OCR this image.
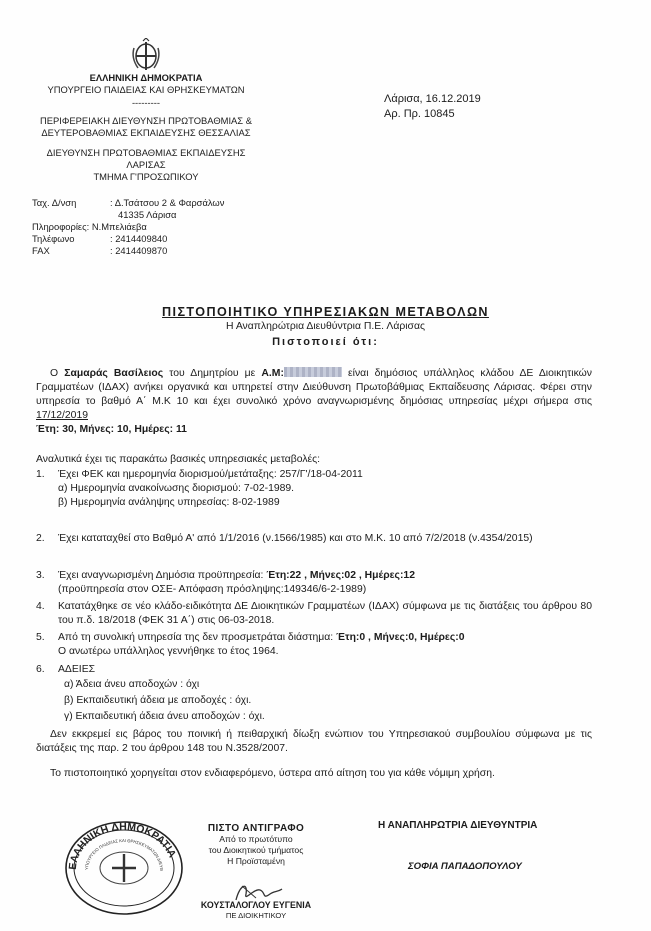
ΕΛΛΗΝΙΚΗ ΔΗΜΟΚΡΑΤΙΑ
ΥΠΟΥΡΓΕΙΟ ΠΑΙΔΕΙΑΣ ΚΑΙ ΘΡΗΣΚΕΥΜΑΤΩΝ
---------
ΠΕΡΙΦΕΡΕΙΑΚΗ ΔΙΕΥΘΥΝΣΗ ΠΡΩΤΟΒΑΘΜΙΑΣ &
ΔΕΥΤΕΡΟΒΑΘΜΙΑΣ ΕΚΠΑΙΔΕΥΣΗΣ ΘΕΣΣΑΛΙΑΣ
ΔΙΕΥΘΥΝΣΗ ΠΡΩΤΟΒΑΘΜΙΑΣ ΕΚΠΑΙΔΕΥΣΗΣ ΛΑΡΙΣΑΣ
ΤΜΗΜΑ Γ'ΠΡΟΣΩΠΙΚΟΥ
Λάρισα, 16.12.2019
Αρ. Πρ. 10845
Ταχ. Δ/νση	: Δ.Τσάτσου 2 & Φαρσάλων
41335 Λάρισα
Πληροφορίες: Ν.Μπελιάεβα
Τηλέφωνο	: 2414409840
FAX	: 2414409870
ΠΙΣΤΟΠΟΙΗΤΙΚΟ ΥΠΗΡΕΣΙΑΚΩΝ ΜΕΤΑΒΟΛΩΝ
Η Αναπληρώτρια Διευθύντρια Π.Ε. Λάρισας
Πιστοποιεί ότι:
O Σαμαράς Βασίλειος του Δημητρίου με Α.Μ:	είναι δημόσιος υπάλληλος κλάδου ΔΕ Διοικητικών Γραμματέων (ΙΔΑΧ) ανήκει οργανικά και υπηρετεί στην Διεύθυνση Πρωτοβάθμιας Εκπαίδευσης Λάρισας. Φέρει στην υπηρεσία το βαθμό Α΄ Μ.Κ 10 και έχει συνολικό χρόνο αναγνωρισμένης δημόσιας υπηρεσίας μέχρι σήμερα στις 17/12/2019
Έτη: 30, Μήνες: 10, Ημέρες: 11
Αναλυτικά έχει τις παρακάτω βασικές υπηρεσιακές μεταβολές:
1.	Έχει ΦΕΚ και ημερομηνία διορισμού/μετάταξης: 257/Γ'/18-04-2011
α) Ημερομηνία ανακοίνωσης διορισμού: 7-02-1989.
β) Ημερομηνία ανάληψης υπηρεσίας: 8-02-1989
2.	Έχει καταταχθεί στο Βαθμό Α' από 1/1/2016 (ν.1566/1985) και στο Μ.Κ. 10 από 7/2/2018 (ν.4354/2015)
3.	Έχει αναγνωρισμένη Δημόσια προϋπηρεσία: Έτη:22 , Μήνες:02 , Ημέρες:12
(προϋπηρεσία στον ΟΣΕ- Απόφαση πρόσληψης:149346/6-2-1989)
4.	Κατατάχθηκε σε νέο κλάδο-ειδικότητα ΔΕ Διοικητικών Γραμματέων (ΙΔΑΧ) σύμφωνα με τις διατάξεις του άρθρου 80 του π.δ. 18/2018 (ΦΕΚ 31 Α΄) στις 06-03-2018.
5.	Από τη συνολική υπηρεσία της δεν προσμετράται διάστημα: Έτη:0 , Μήνες:0, Ημέρες:0
Ο ανωτέρω υπάλληλος γεννήθηκε το έτος 1964.
6.	ΑΔΕΙΕΣ
α) Άδεια άνευ αποδοχών : όχι
β) Εκπαιδευτική άδεια με αποδοχές : όχι.
γ) Εκπαιδευτική άδεια άνευ αποδοχών : όχι.
Δεν εκκρεμεί εις βάρος του ποινική ή πειθαρχική δίωξη ενώπιον του Υπηρεσιακού συμβουλίου σύμφωνα με τις διατάξεις της παρ. 2 του άρθρου 148 του Ν.3528/2007.
Το πιστοποιητικό χορηγείται στον ενδιαφερόμενο, ύστερα από αίτηση του για κάθε νόμιμη χρήση.
ΕΛΛΗΝΙΚΗ ΔΗΜΟΚΡΑΤΙΑ
ΥΠΟΥΡΓΕΙΟ ΠΑΙΔΕΙΑΣ ΚΑΙ ΘΡΗΣΚΕΥΜΑΤΩΝ ΔΙΕΥΘ
ΠΙΣΤΟ ΑΝΤΙΓΡΑΦΟ
Από το πρωτότυπο
του Διοικητικού τμήματος
Η Προϊσταμένη
ΚΟΥΣΤΑΛΟΓΛΟΥ ΕΥΓΕΝΙΑ
ΠΕ ΔΙΟΙΚΗΤΙΚΟΥ
Η ΑΝΑΠΛΗΡΩΤΡΙΑ ΔΙΕΥΘΥΝΤΡΙΑ
ΣΟΦΙΑ ΠΑΠΑΔΟΠΟΥΛΟΥ
